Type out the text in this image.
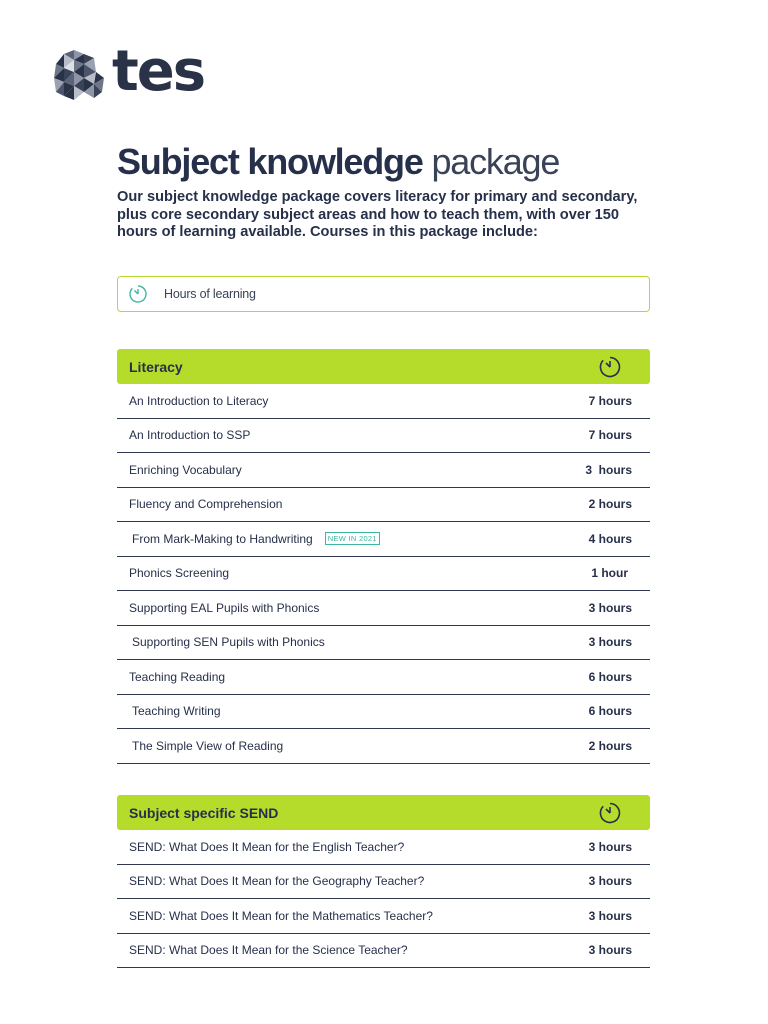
tes
Subject knowledge package

Our subject knowledge package covers literacy for primary and secondary, plus core secondary subject areas and how to teach them, with over 150 hours of learning available. Courses in this package include:

Hours of learning
Literacy
An Introduction to Literacy	7 hours
An Introduction to SSP	7 hours
Enriching Vocabulary	3  hours
Fluency and Comprehension	2 hours
From Mark-Making to Handwriting	NEW IN 2021	4 hours
Phonics Screening	1 hour
Supporting EAL Pupils with Phonics	3 hours
Supporting SEN Pupils with Phonics	3 hours
Teaching Reading	6 hours
Teaching Writing	6 hours
The Simple View of Reading	2 hours
Subject specific SEND
SEND: What Does It Mean for the English Teacher?	3 hours
SEND: What Does It Mean for the Geography Teacher?	3 hours
SEND: What Does It Mean for the Mathematics Teacher?	3 hours
SEND: What Does It Mean for the Science Teacher?	3 hours
